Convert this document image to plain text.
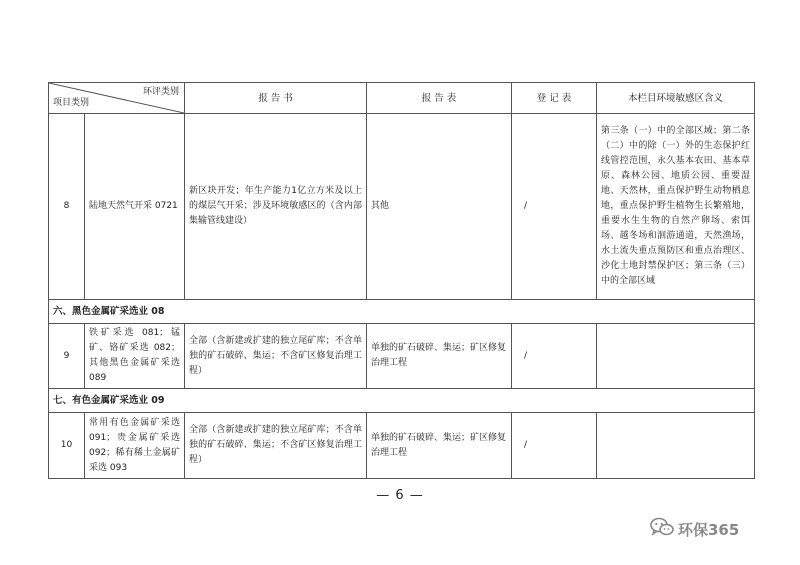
环评类别
项目类别		报 告 书	报 告 表	登 记 表	本栏目环境敏感区含义
8	陆地天然气开采 0721	新区块开发；年生产能力1亿立方米及以上的煤层气开采；涉及环境敏感区的（含内部集输管线建设）	其他	/	第三条（一）中的全部区域；第二条（二）中的除（一）外的生态保护红线管控范围，永久基本农田、基本草原、森林公园、地质公园、重要湿地、天然林，重点保护野生动物栖息地，重点保护野生植物生长繁殖地，重要水生生物的自然产卵场、索饵场、越冬场和洄游通道，天然渔场，水土流失重点预防区和重点治理区、沙化土地封禁保护区；第三条（三）中的全部区域
六、黑色金属矿采选业 08					
9	铁矿采选 081；锰矿、铬矿采选 082；其他黑色金属矿采选 089	全部（含新建或扩建的独立尾矿库；不含单独的矿石破碎、集运；不含矿区修复治理工程）	单独的矿石破碎、集运；矿区修复治理工程	/	
七、有色金属矿采选业 09					
10	常用有色金属矿采选 091；贵金属矿采选 092；稀有稀土金属矿采选 093	全部（含新建或扩建的独立尾矿库；不含单独的矿石破碎、集运；不含矿区修复治理工程）	单独的矿石破碎、集运；矿区修复治理工程	/	
— 6 —
环保365
